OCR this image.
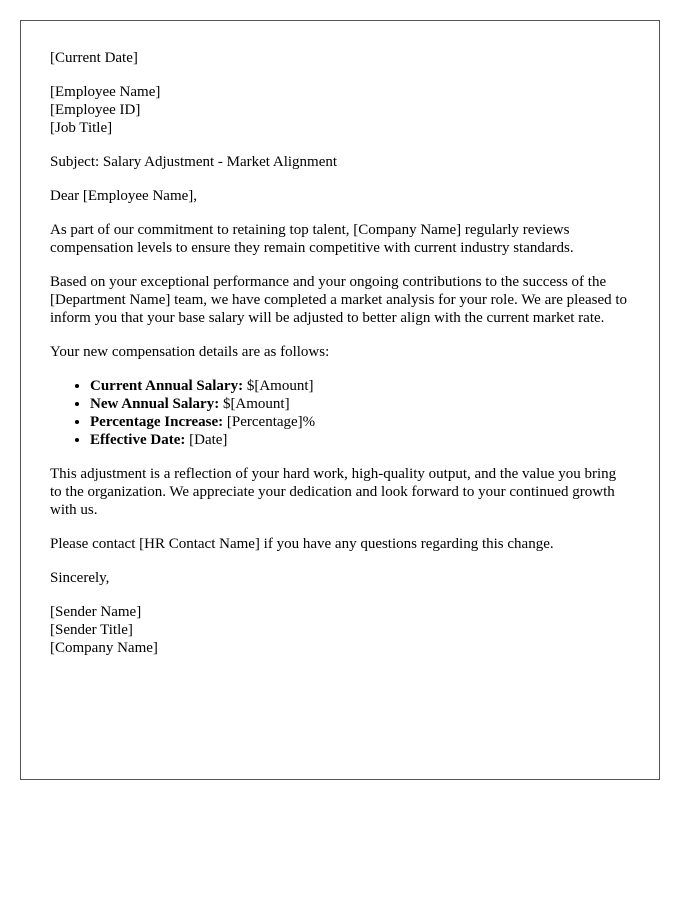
[Current Date]

[Employee Name]
[Employee ID]
[Job Title]

Subject: Salary Adjustment - Market Alignment

Dear [Employee Name],

As part of our commitment to retaining top talent, [Company Name] regularly reviews compensation levels to ensure they remain competitive with current industry standards.

Based on your exceptional performance and your ongoing contributions to the success of the [Department Name] team, we have completed a market analysis for your role. We are pleased to inform you that your base salary will be adjusted to better align with the current market rate.

Your new compensation details are as follows:

• Current Annual Salary: $[Amount]
• New Annual Salary: $[Amount]
• Percentage Increase: [Percentage]%
• Effective Date: [Date]

This adjustment is a reflection of your hard work, high-quality output, and the value you bring to the organization. We appreciate your dedication and look forward to your continued growth with us.

Please contact [HR Contact Name] if you have any questions regarding this change.

Sincerely,

[Sender Name]
[Sender Title]
[Company Name]
